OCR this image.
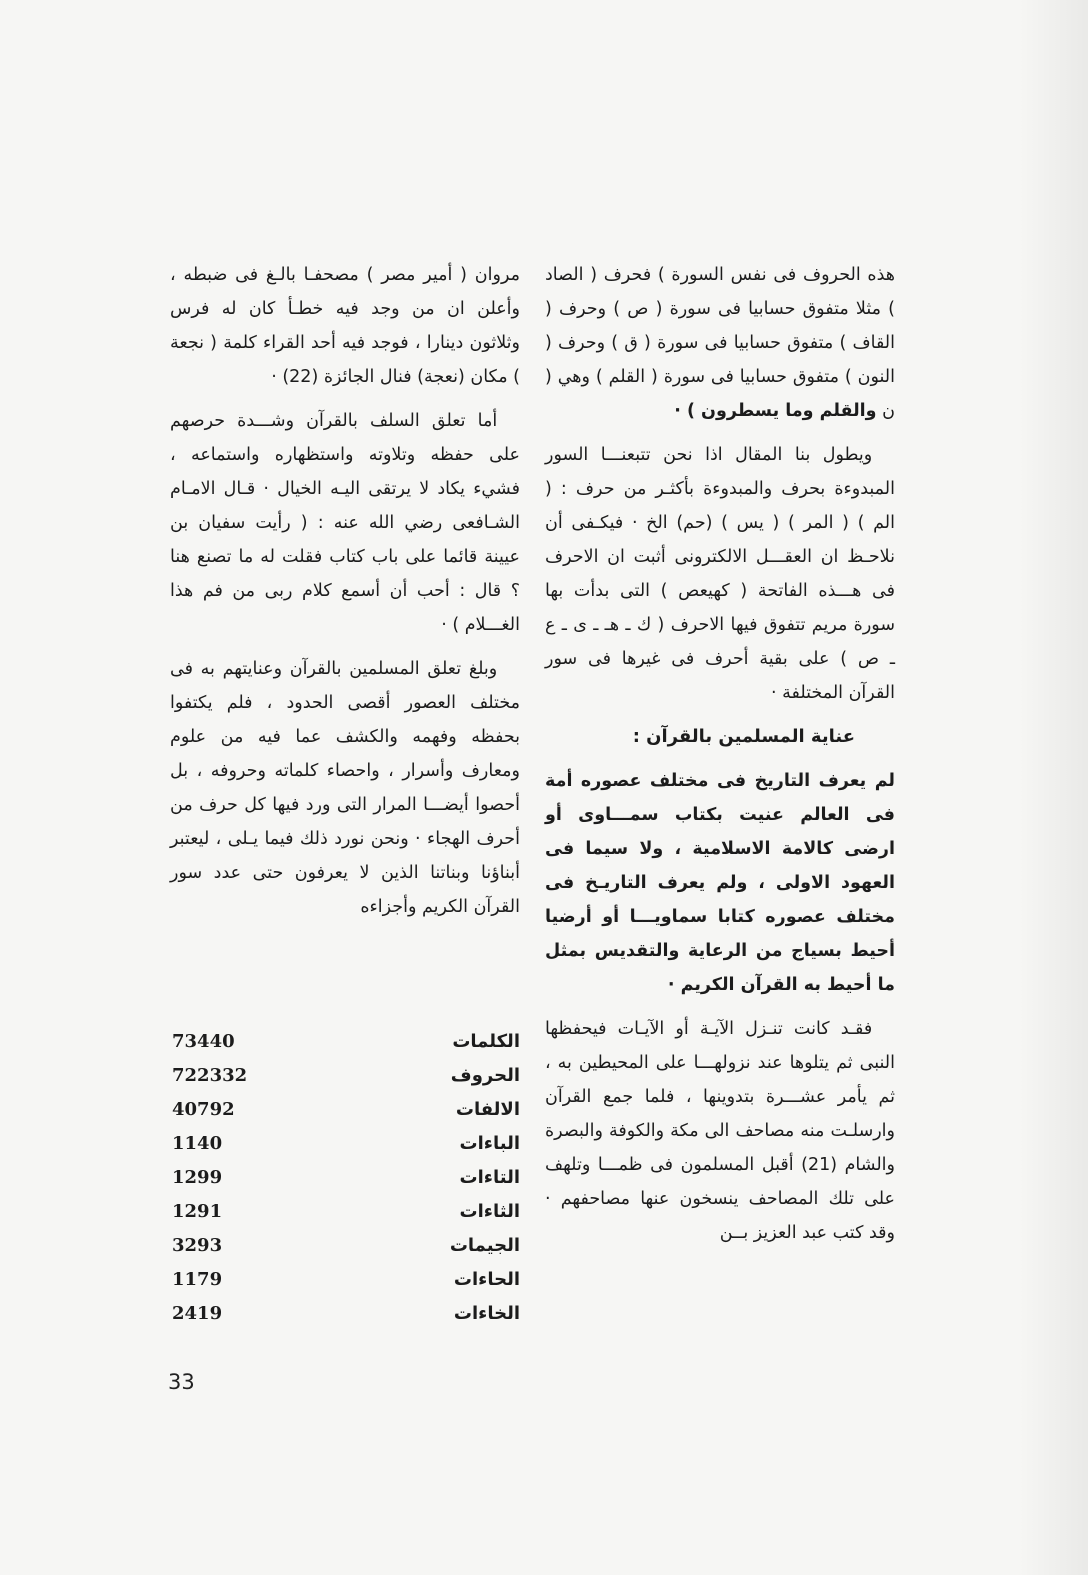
هذه الحروف فى نفس السورة ) فحرف ( الصاد ) مثلا متفوق حسابيا فى سورة ( ص ) وحرف ( القاف ) متفوق حسابيا فى سورة ( ق ) وحرف ( النون ) متفوق حسابيا فى سورة ( القلم ) وهي ( ن والقلم وما يسطرون ) ·

ويطول بنا المقال اذا نحن تتبعنـــا السور المبدوءة بحرف والمبدوءة بأكثـر من حرف : ( الم ) ( المر ) ( يس ) (حم) الخ · فيكـفى أن نلاحـظ ان العقـــل الالكترونى أثبت ان الاحرف فى هـــذه الفاتحة ( كهيعص ) التى بدأت بها سورة مريم تتفوق فيها الاحرف ( ك ـ هـ ـ ى ـ ع ـ ص ) على بقية أحرف فى غيرها فى سور القرآن المختلفة ·

عناية المسلمين بالقرآن :

لم يعرف التاريخ فى مختلف عصوره أمة فى العالم عنيت بكتاب سمـــاوى أو ارضى كالامة الاسلامية ، ولا سيما فى العهود الاولى ، ولم يعرف التاريـخ فى مختلف عصوره كتابا سماويـــا أو أرضيا أحيط بسياج من الرعاية والتقديس بمثل ما أحيط به القرآن الكريم ·

فقـد كانت تنـزل الآيـة أو الآيـات فيحفظها النبى ثم يتلوها عند نزولهـــا على المحيطين به ، ثم يأمر عشـــرة بتدوينها ، فلما جمع القرآن وارسلـت منه مصاحف الى مكة والكوفة والبصرة والشام (21) أقبل المسلمون فى ظمـــا وتلهف على تلك المصاحف ينسخون عنها مصاحفهم · وقد كتب عبد العزيز بــن

مروان ( أمير مصر ) مصحفـا بالـغ فى ضبطه ، وأعلن ان من وجد فيه خطـأ كان له فرس وثلاثون دينارا ، فوجد فيه أحد القراء كلمة ( نجعة ) مكان (نعجة) فنال الجائزة (22) ·

أما تعلق السلف بالقرآن وشـــدة حرصهم على حفظه وتلاوته واستظهاره واستماعه ، فشيء يكاد لا يرتقى اليـه الخيال · قـال الامـام الشـافعى رضي الله عنه : ( رأيت سفيان بن عيينة قائما على باب كتاب فقلت له ما تصنع هنا ؟ قال : أحب أن أسمع كلام ربى من فم هذا الغـــلام ) ·

وبلغ تعلق المسلمين بالقرآن وعنايتهم به فى مختلف العصور أقصى الحدود ، فلم يكتفوا بحفظه وفهمه والكشف عما فيه من علوم ومعارف وأسرار ، واحصاء كلماته وحروفه ، بل أحصوا أيضـــا المرار التى ورد فيها كل حرف من أحرف الهجاء · ونحن نورد ذلك فيما يـلى ، ليعتبر أبناؤنا وبناتنا الذين لا يعرفون حتى عدد سور القرآن الكريم وأجزاءه

73440	الكلمات
722332	الحروف
40792	الالفات
1140	الباءات
1299	التاءات
1291	الثاءات
3293	الجيمات
1179	الحاءات
2419	الخاءات
33
